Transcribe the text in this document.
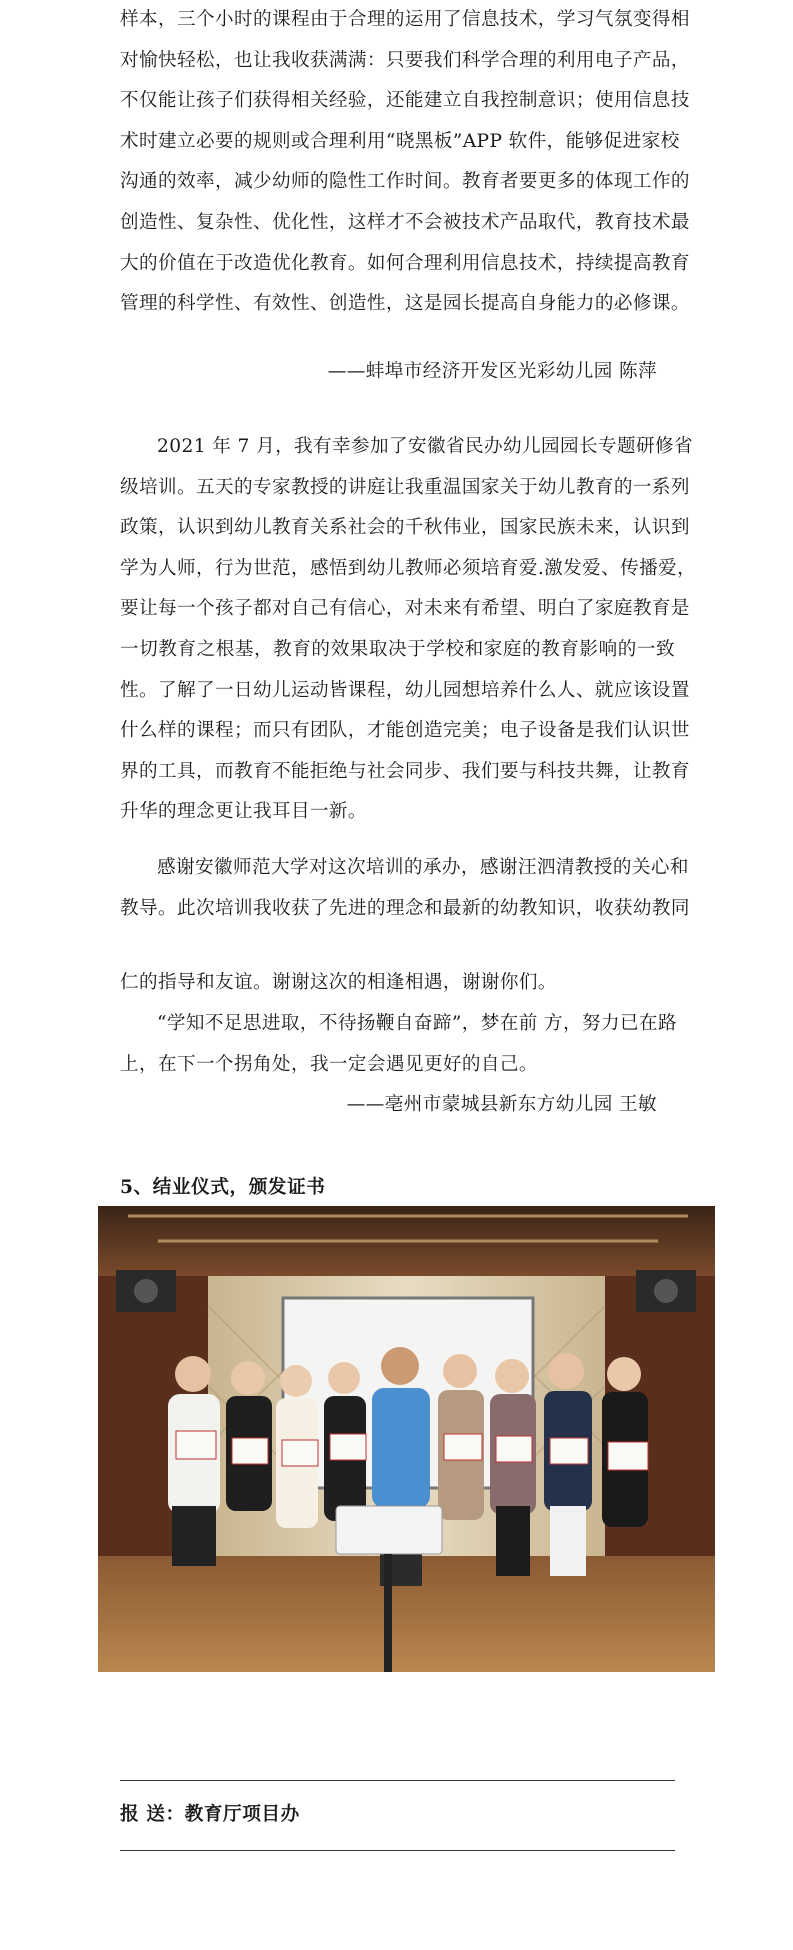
样本，三个小时的课程由于合理的运用了信息技术，学习气氛变得相
对愉快轻松，也让我收获满满：只要我们科学合理的利用电子产品，
不仅能让孩子们获得相关经验，还能建立自我控制意识；使用信息技
术时建立必要的规则或合理利用“晓黑板”APP 软件，能够促进家校
沟通的效率，减少幼师的隐性工作时间。教育者要更多的体现工作的
创造性、复杂性、优化性，这样才不会被技术产品取代，教育技术最
大的价值在于改造优化教育。如何合理利用信息技术，持续提高教育
管理的科学性、有效性、创造性，这是园长提高自身能力的必修课。

——蚌埠市经济开发区光彩幼儿园 陈萍

2021 年 7 月，我有幸参加了安徽省民办幼儿园园长专题研修省
级培训。五天的专家教授的讲庭让我重温国家关于幼儿教育的一系列
政策，认识到幼儿教育关系社会的千秋伟业，国家民族未来，认识到
学为人师，行为世范，感悟到幼儿教师必须培育爱.激发爱、传播爱，
要让每一个孩子都对自己有信心，对未来有希望、明白了家庭教育是
一切教育之根基，教育的效果取决于学校和家庭的教育影响的一致
性。了解了一日幼儿运动皆课程，幼儿园想培养什么人、就应该设置
什么样的课程；而只有团队，才能创造完美；电子设备是我们认识世
界的工具，而教育不能拒绝与社会同步、我们要与科技共舞，让教育
升华的理念更让我耳目一新。

感谢安徽师范大学对这次培训的承办，感谢汪泗清教授的关心和
教导。此次培训我收获了先进的理念和最新的幼教知识，收获幼教同

仁的指导和友谊。谢谢这次的相逢相遇，谢谢你们。

“学知不足思进取，不待扬鞭自奋蹄”，梦在前 方，努力已在路
上，在下一个拐角处，我一定会遇见更好的自己。

——亳州市蒙城县新东方幼儿园 王敏
5、结业仪式，颁发证书
报 送：教育厅项目办
